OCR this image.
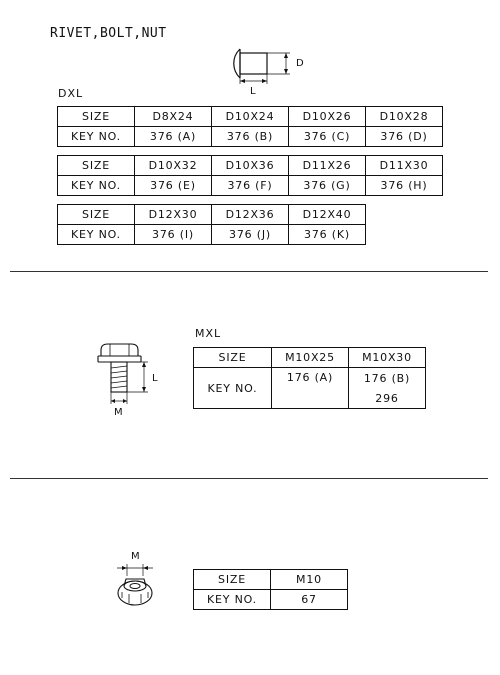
RIVET,BOLT,NUT
D
L
DXL
SIZE	D8X24	D10X24	D10X26	D10X28
KEY NO.	376 (A)	376 (B)	376 (C)	376 (D)
SIZE	D10X32	D10X36	D11X26	D11X30
KEY NO.	376 (E)	376 (F)	376 (G)	376 (H)
SIZE	D12X30	D12X36	D12X40
KEY NO.	376 (I)	376 (J)	376 (K)
L
M
MXL
SIZE	M10X25	M10X30
KEY NO.	176 (A)	176 (B)
		296
M
SIZE	M10
KEY NO.	67
